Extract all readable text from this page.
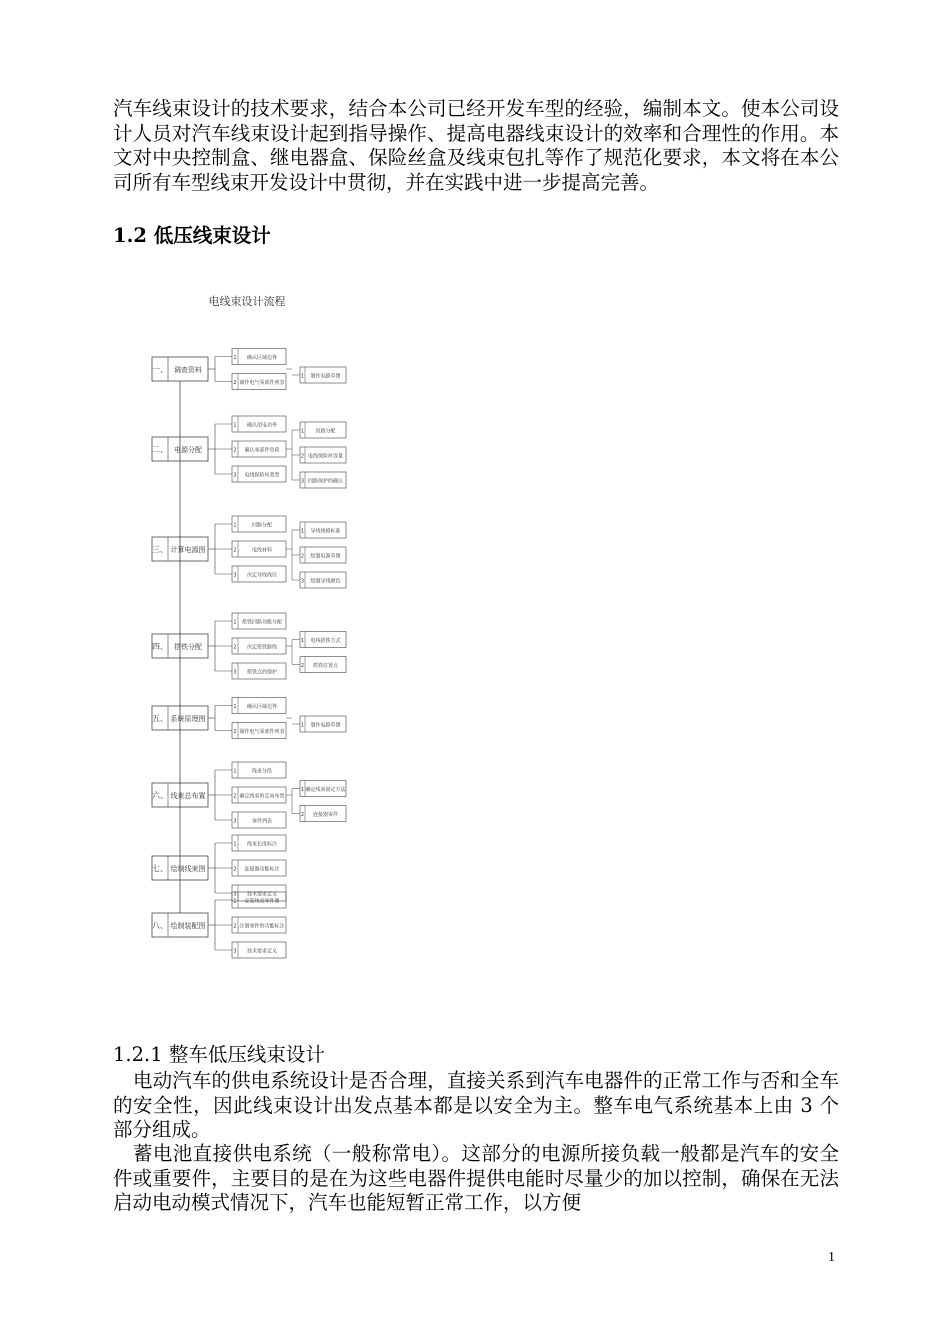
汽车线束设计的技术要求，结合本公司已经开发车型的经验，编制本文。使本公司设计人员对汽车线束设计起到指导操作、提高电器线束设计的效率和合理性的作用。本文对中央控制盒、继电器盒、保险丝盒及线束包扎等作了规范化要求，本文将在本公司所有车型线束开发设计中贯彻，并在实践中进一步提高完善。

1.2 低压线束设计
电线束设计流程
一、 调查资料
1 确认区域边界
2 制作电气零部件列表
1 制作电路草图
二、 电源分配
1 确认用电功率
2 确认零部件负荷
3 电线保险丝类型
1 回路分配
2 电线保险丝容量
3 回路保护的确认
三、 计算电源图
1	回路分配
2	电线材料
3 决定导线线径
1 导线规格标准
2 绘制电源草图
3 绘制导线颜色
四、 搭铁分配
1 搭铁回路功能分配
2 决定搭铁路线
3 搭铁点的保护
1 电线搭铁方式
2 搭铁位置点
五、 系统原理图
1 确认区域边界
2 制作电气零部件列表
1 制作电路草图
六、 线束总布置
1	线束分段
2 确定线束的走向布置
3	零件列表
1 确定线束固定方法
2 连接器零件
七、 绘制线束图
1 线束长度标注
2 连接器功能标注
3 技术要求定义
八、 绘制装配图
1 安装线束零件图
2 注册零件的功能标注
3 技术要求定义
1.2.1 整车低压线束设计

电动汽车的供电系统设计是否合理，直接关系到汽车电器件的正常工作与否和全车的安全性，因此线束设计出发点基本都是以安全为主。整车电气系统基本上由 3 个部分组成。

蓄电池直接供电系统（一般称常电）。这部分的电源所接负载一般都是汽车的安全件或重要件，主要目的是在为这些电器件提供电能时尽量少的加以控制，确保在无法启动电动模式情况下，汽车也能短暂正常工作，以方便

1
